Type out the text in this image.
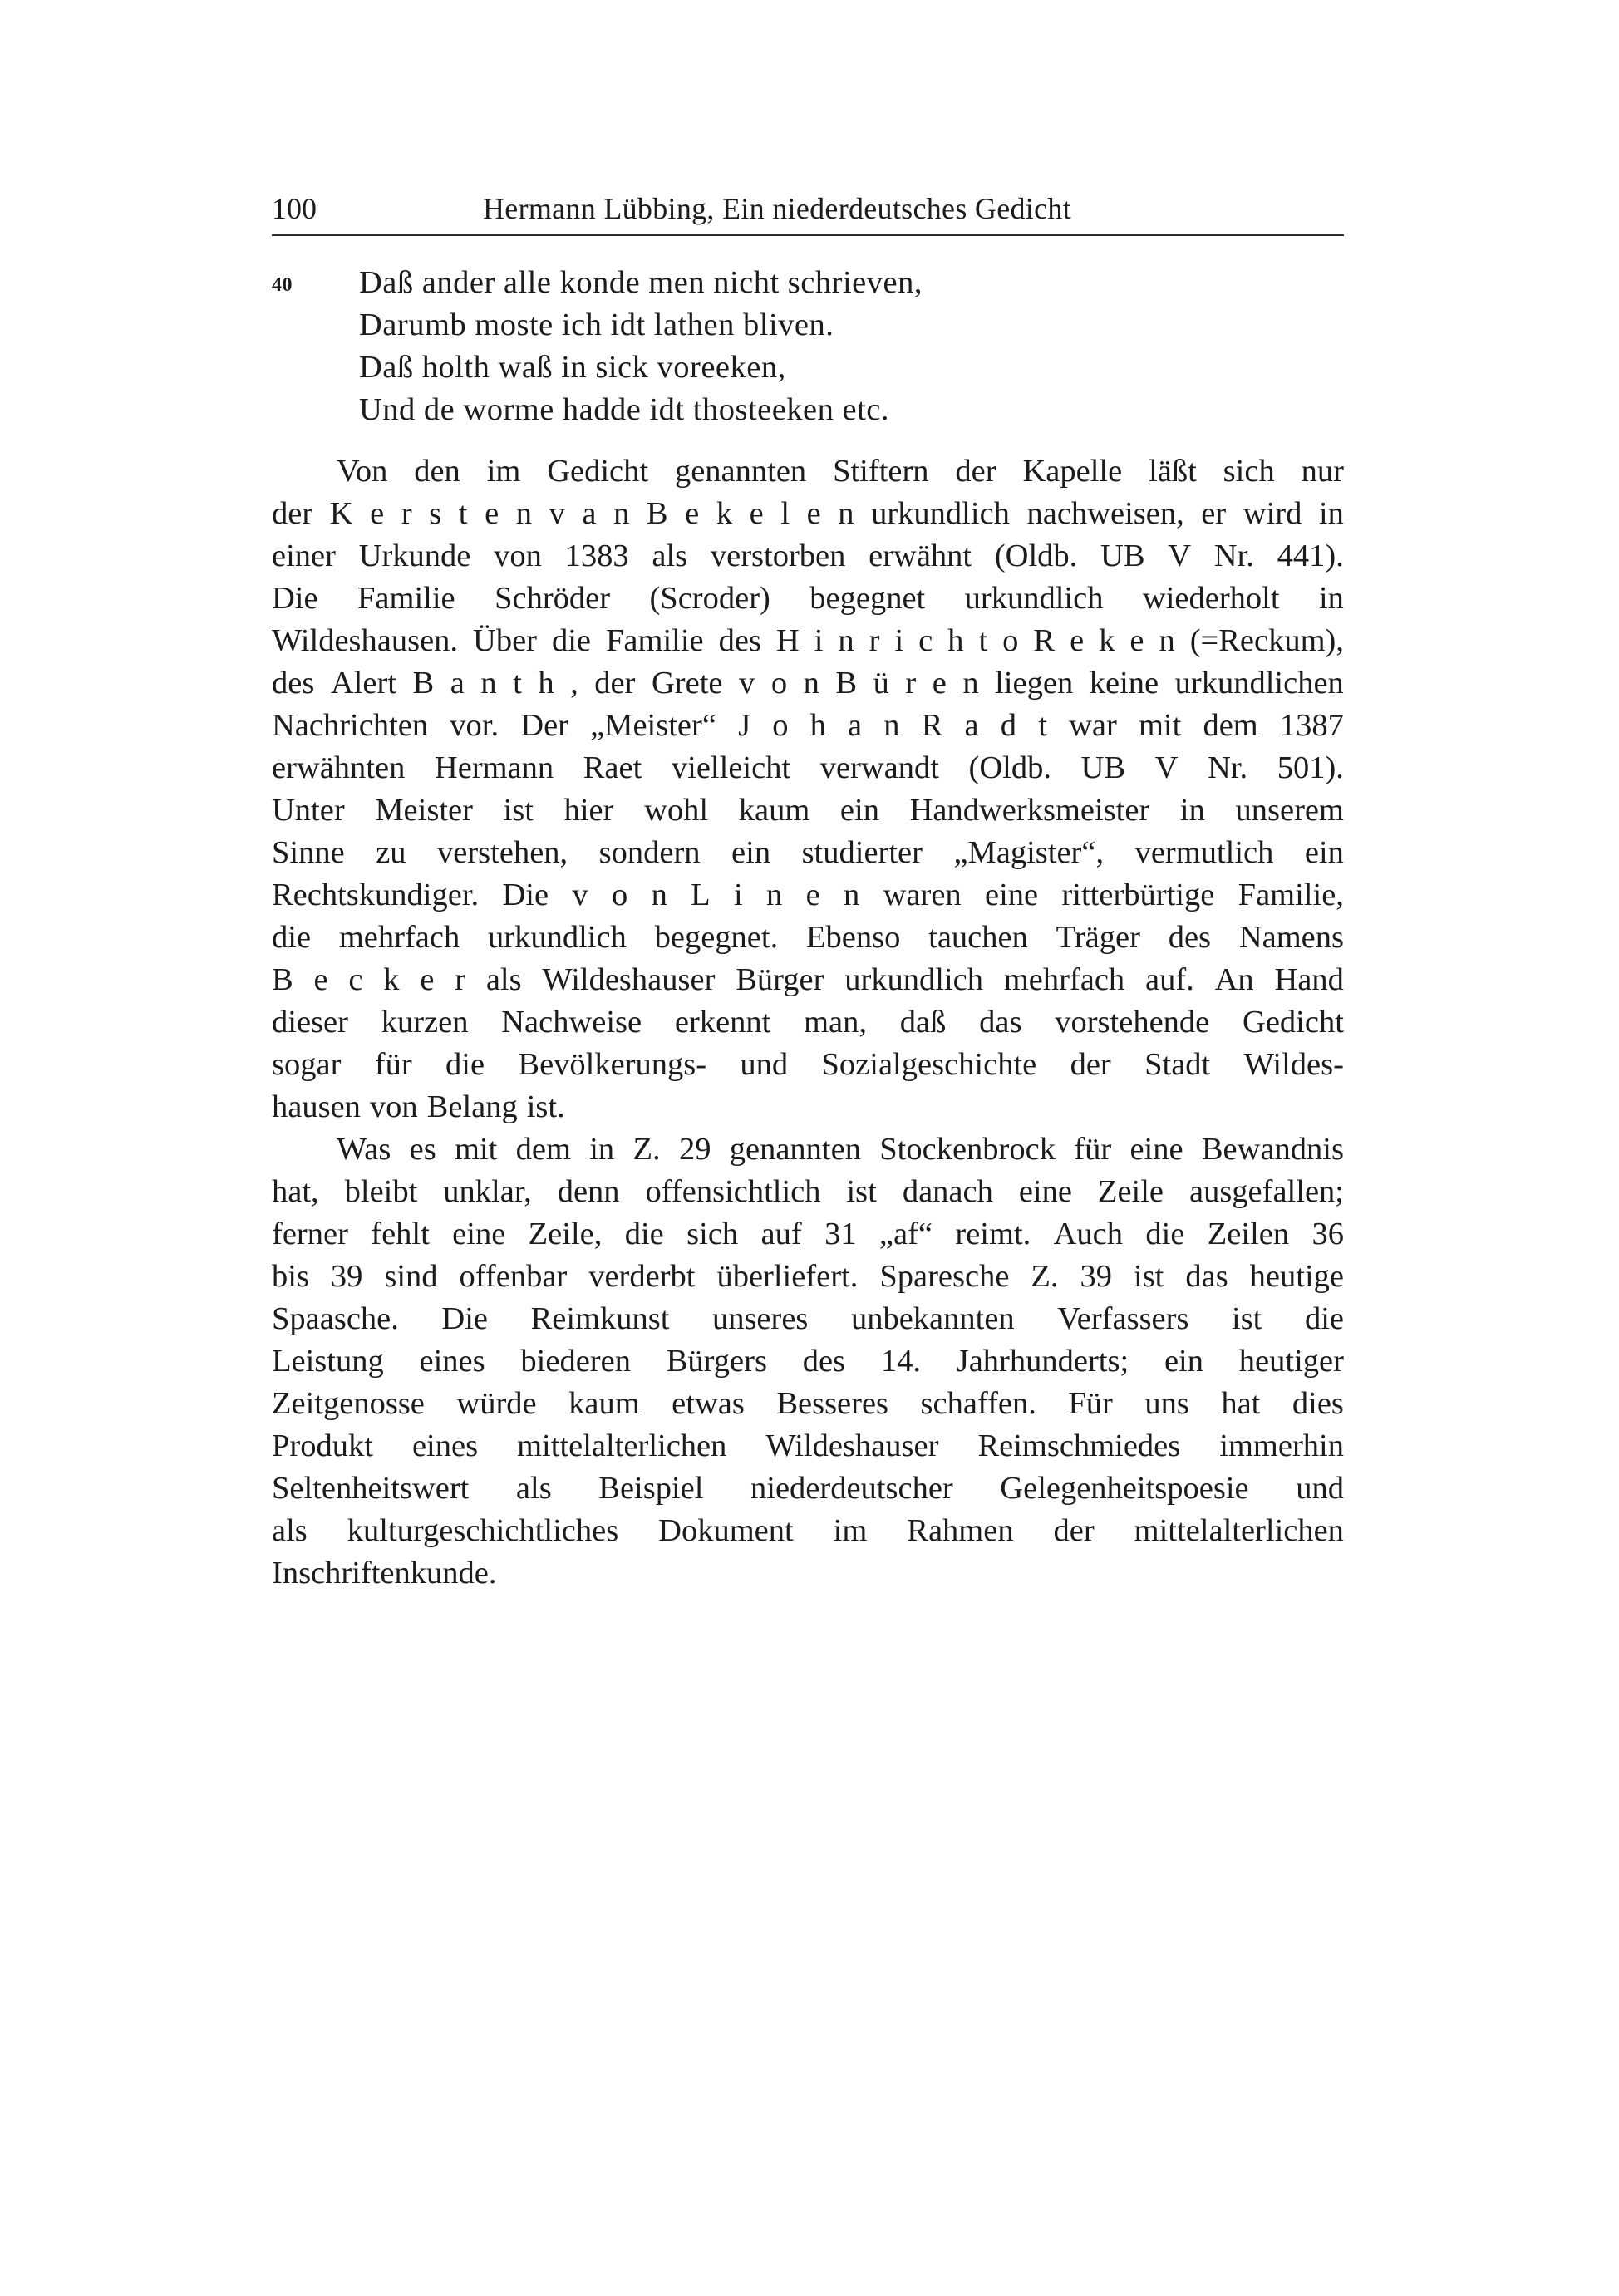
100	Hermann Lübbing, Ein niederdeutsches Gedicht
40 Daß ander alle konde men nicht schrieven,
Darumb moste ich idt lathen bliven.
Daß holth waß in sick voreeken,
Und de worme hadde idt thosteeken etc.
Von den im Gedicht genannten Stiftern der Kapelle läßt sich nur
der K e r s t e n v a n B e k e l e n urkundlich nachweisen, er wird in
einer Urkunde von 1383 als verstorben erwähnt (Oldb. UB V Nr. 441).
Die Familie Schröder (Scroder) begegnet urkundlich wiederholt in
Wildeshausen. Über die Familie des H i n r i c h t o R e k e n (=Reckum),
des Alert B a n t h , der Grete v o n B ü r e n liegen keine urkundlichen
Nachrichten vor. Der „Meister“ J o h a n R a d t war mit dem 1387
erwähnten Hermann Raet vielleicht verwandt (Oldb. UB V Nr. 501).
Unter Meister ist hier wohl kaum ein Handwerksmeister in unserem
Sinne zu verstehen, sondern ein studierter „Magister“, vermutlich ein
Rechtskundiger. Die v o n L i n e n waren eine ritterbürtige Familie,
die mehrfach urkundlich begegnet. Ebenso tauchen Träger des Namens
B e c k e r als Wildeshauser Bürger urkundlich mehrfach auf. An Hand
dieser kurzen Nachweise erkennt man, daß das vorstehende Gedicht
sogar für die Bevölkerungs- und Sozialgeschichte der Stadt Wildes-
hausen von Belang ist.
Was es mit dem in Z. 29 genannten Stockenbrock für eine Bewandnis
hat, bleibt unklar, denn offensichtlich ist danach eine Zeile ausgefallen;
ferner fehlt eine Zeile, die sich auf 31 „af“ reimt. Auch die Zeilen 36
bis 39 sind offenbar verderbt überliefert. Sparesche Z. 39 ist das heutige
Spaasche. Die Reimkunst unseres unbekannten Verfassers ist die
Leistung eines biederen Bürgers des 14. Jahrhunderts; ein heutiger
Zeitgenosse würde kaum etwas Besseres schaffen. Für uns hat dies
Produkt eines mittelalterlichen Wildeshauser Reimschmiedes immerhin
Seltenheitswert als Beispiel niederdeutscher Gelegenheitspoesie und
als kulturgeschichtliches Dokument im Rahmen der mittelalterlichen
Inschriftenkunde.
